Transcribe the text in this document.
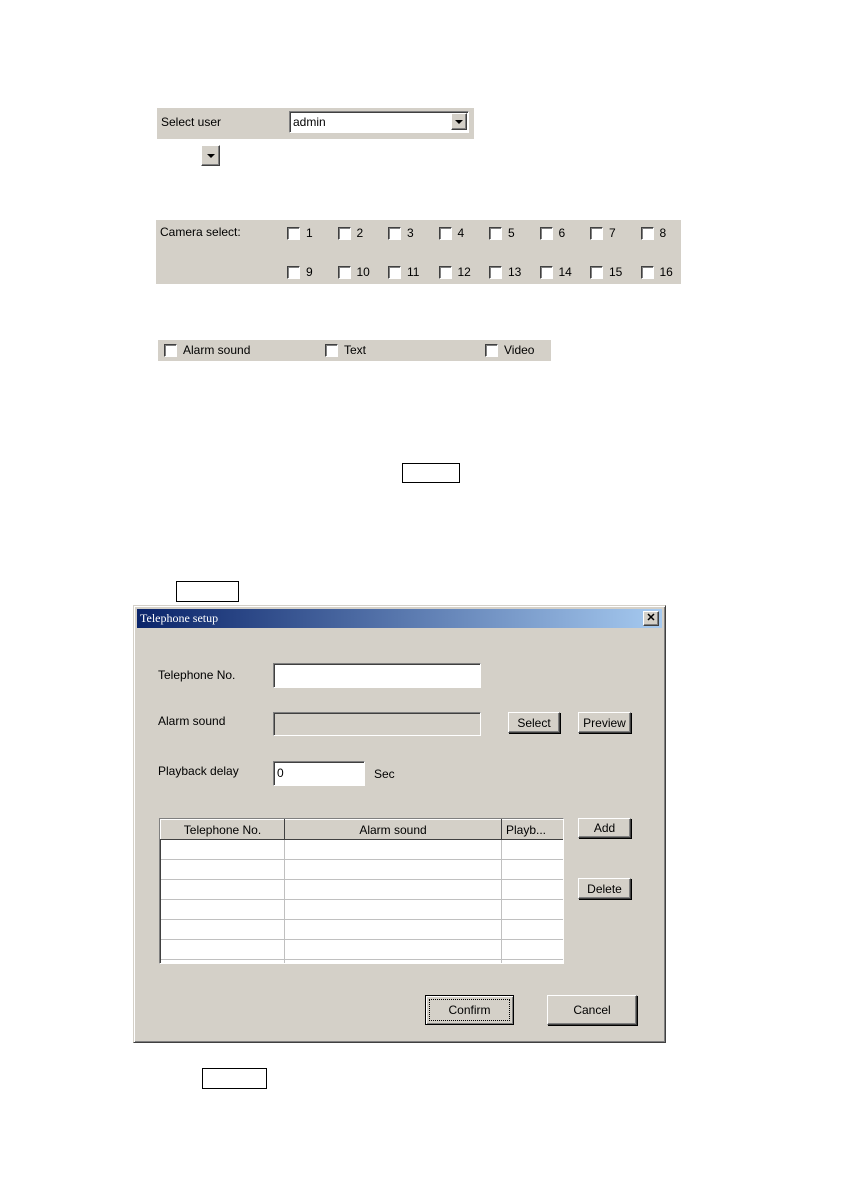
Select user	admin
Camera select:	1	2	3	4	5	6	7	8
9	10	11	12	13	14	15	16
Alarm sound	Text	Video
Telephone setup	✕
Telephone No.
Alarm sound	Select	Preview
Playback delay	0	Sec
Telephone No.	Alarm sound	Playb...

			Add
Delete
Confirm	Cancel
